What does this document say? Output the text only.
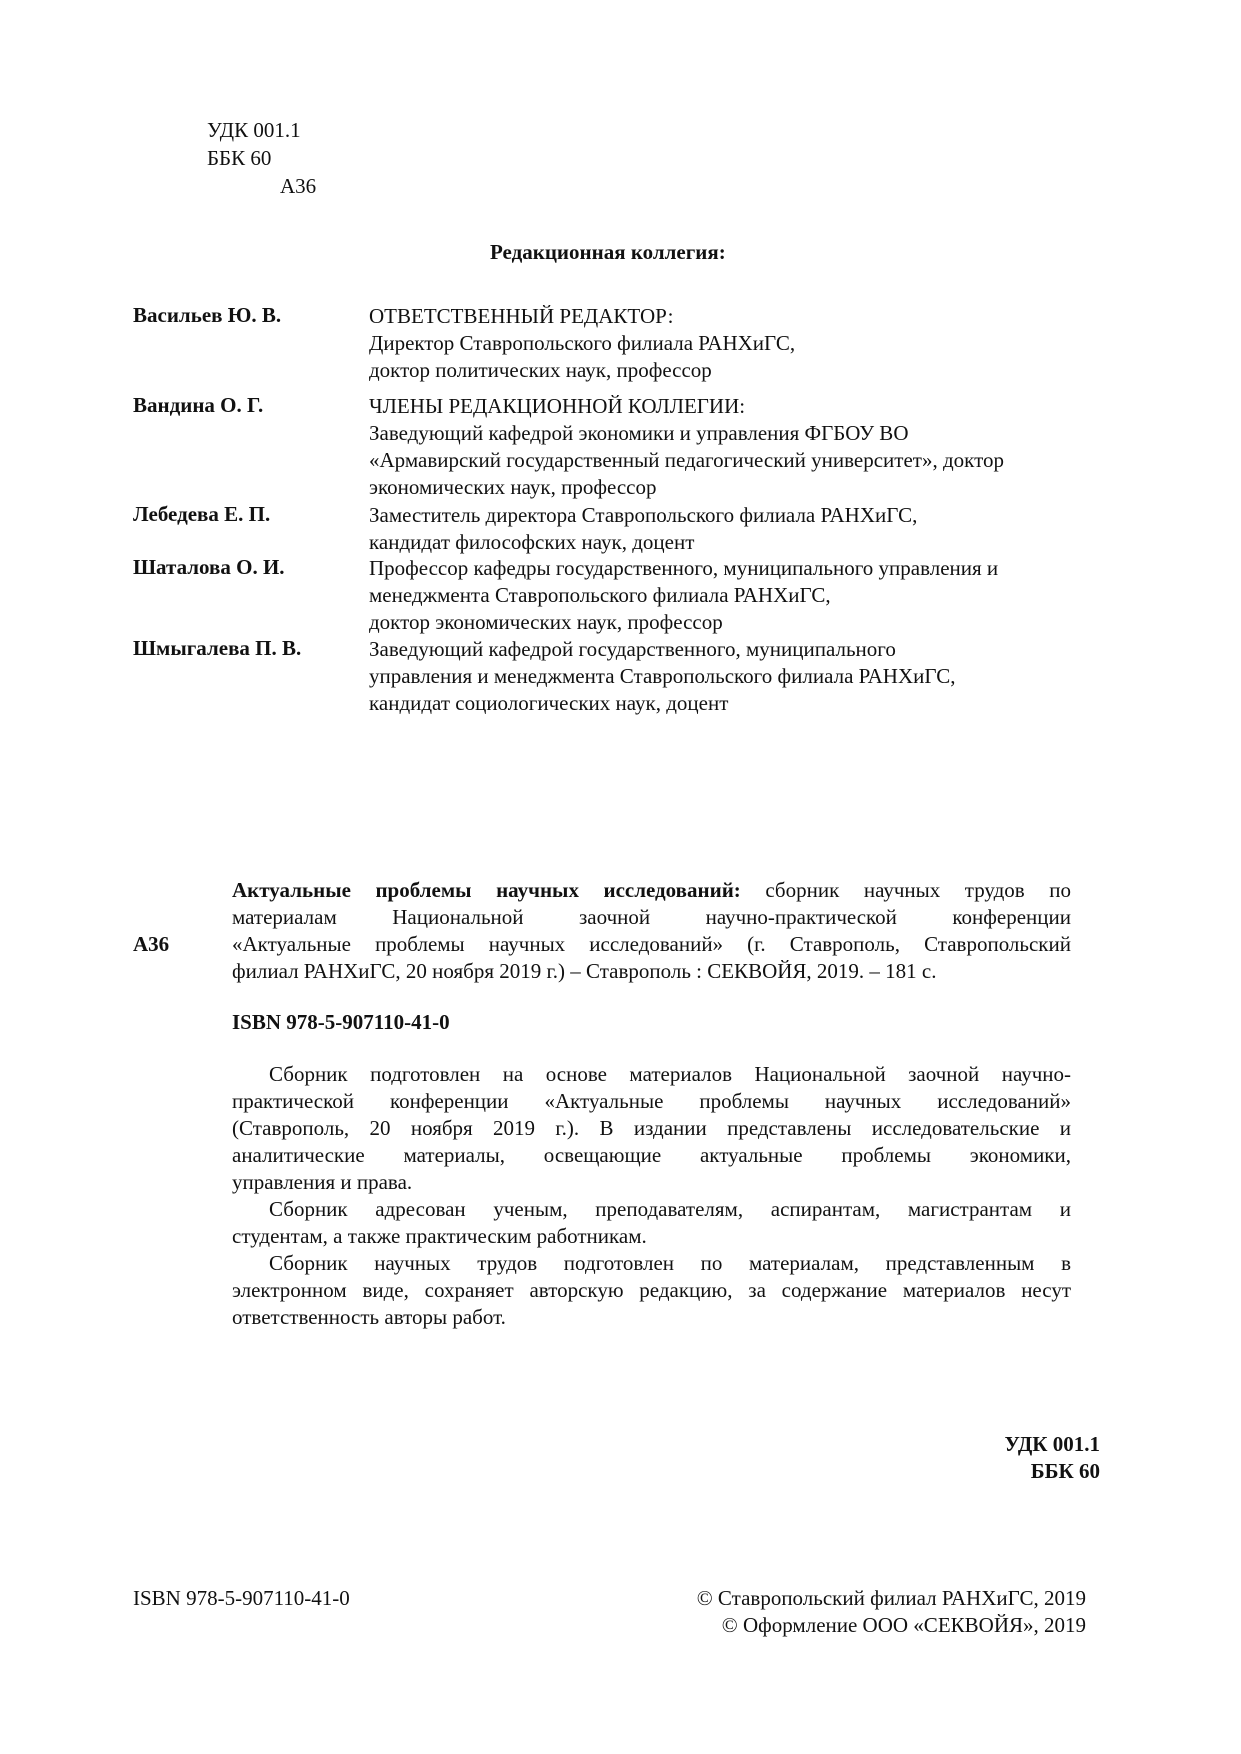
УДК 001.1
ББК 60
А36
Редакционная коллегия:
Васильев Ю. В.	ОТВЕТСТВЕННЫЙ РЕДАКТОР:
Директор Ставропольского филиала РАНХиГС,
доктор политических наук, профессор
Вандина О. Г.	ЧЛЕНЫ РЕДАКЦИОННОЙ КОЛЛЕГИИ:
Заведующий кафедрой экономики и управления ФГБОУ ВО
«Армавирский государственный педагогический университет», доктор
экономических наук, профессор
Лебедева Е. П.	Заместитель директора Ставропольского филиала РАНХиГС,
кандидат философских наук, доцент
Шаталова О. И.	Профессор кафедры государственного, муниципального управления и
менеджмента Ставропольского филиала РАНХиГС,
доктор экономических наук, профессор
Шмыгалева П. В.	Заведующий кафедрой государственного, муниципального
управления и менеджмента Ставропольского филиала РАНХиГС,
кандидат социологических наук, доцент
А36
Актуальные проблемы научных исследований: сборник научных трудов по
материалам Национальной заочной научно-практической конференции
«Актуальные проблемы научных исследований» (г. Ставрополь, Ставропольский
филиал РАНХиГС, 20 ноября 2019 г.) – Ставрополь : СЕКВОЙЯ, 2019. – 181 с.
ISBN 978-5-907110-41-0
Сборник подготовлен на основе материалов Национальной заочной научно-
практической конференции «Актуальные проблемы научных исследований»
(Ставрополь, 20 ноября 2019 г.). В издании представлены исследовательские и
аналитические материалы, освещающие актуальные проблемы экономики,
управления и права.
Сборник адресован ученым, преподавателям, аспирантам, магистрантам и
студентам, а также практическим работникам.
Сборник научных трудов подготовлен по материалам, представленным в
электронном виде, сохраняет авторскую редакцию, за содержание материалов несут
ответственность авторы работ.
УДК 001.1
ББК 60
ISBN 978-5-907110-41-0	© Ставропольский филиал РАНХиГС, 2019
© Оформление ООО «СЕКВОЙЯ», 2019
